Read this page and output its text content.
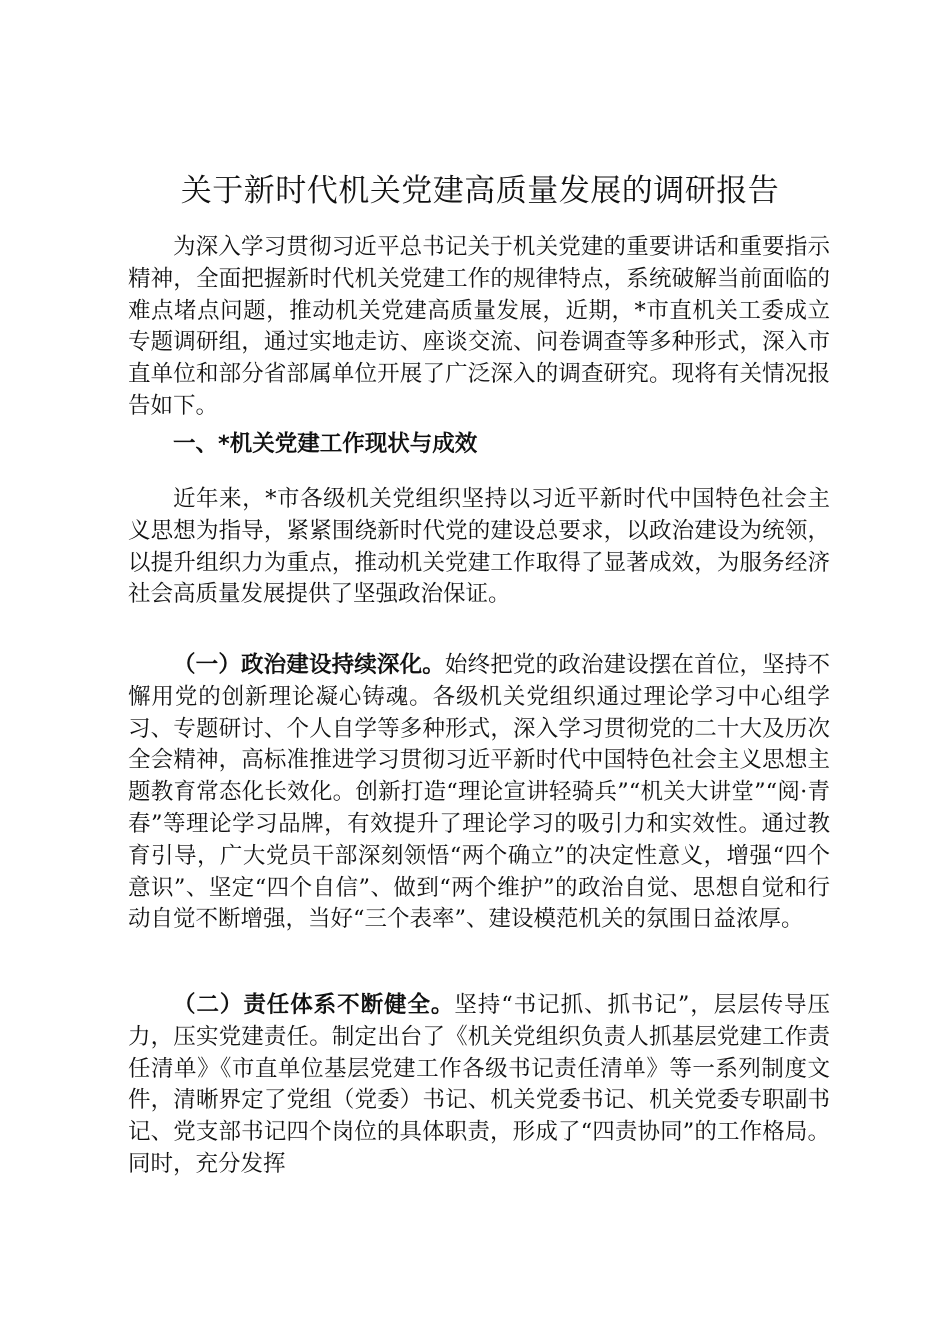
关于新时代机关党建高质量发展的调研报告

为深入学习贯彻习近平总书记关于机关党建的重要讲话和重要指示精神，全面把握新时代机关党建工作的规律特点，系统破解当前面临的难点堵点问题，推动机关党建高质量发展，近期，*市直机关工委成立专题调研组，通过实地走访、座谈交流、问卷调查等多种形式，深入市直单位和部分省部属单位开展了广泛深入的调查研究。现将有关情况报告如下。

一、*机关党建工作现状与成效

近年来，*市各级机关党组织坚持以习近平新时代中国特色社会主义思想为指导，紧紧围绕新时代党的建设总要求，以政治建设为统领，以提升组织力为重点，推动机关党建工作取得了显著成效，为服务经济社会高质量发展提供了坚强政治保证。

（一）政治建设持续深化。始终把党的政治建设摆在首位，坚持不懈用党的创新理论凝心铸魂。各级机关党组织通过理论学习中心组学习、专题研讨、个人自学等多种形式，深入学习贯彻党的二十大及历次全会精神，高标准推进学习贯彻习近平新时代中国特色社会主义思想主题教育常态化长效化。创新打造“理论宣讲轻骑兵”“机关大讲堂”“阅·青春”等理论学习品牌，有效提升了理论学习的吸引力和实效性。通过教育引导，广大党员干部深刻领悟“两个确立”的决定性意义，增强“四个意识”、坚定“四个自信”、做到“两个维护”的政治自觉、思想自觉和行动自觉不断增强，当好“三个表率”、建设模范机关的氛围日益浓厚。

（二）责任体系不断健全。坚持“书记抓、抓书记”，层层传导压力，压实党建责任。制定出台了《机关党组织负责人抓基层党建工作责任清单》《市直单位基层党建工作各级书记责任清单》等一系列制度文件，清晰界定了党组（党委）书记、机关党委书记、机关党委专职副书记、党支部书记四个岗位的具体职责，形成了“四责协同”的工作格局。同时，充分发挥
